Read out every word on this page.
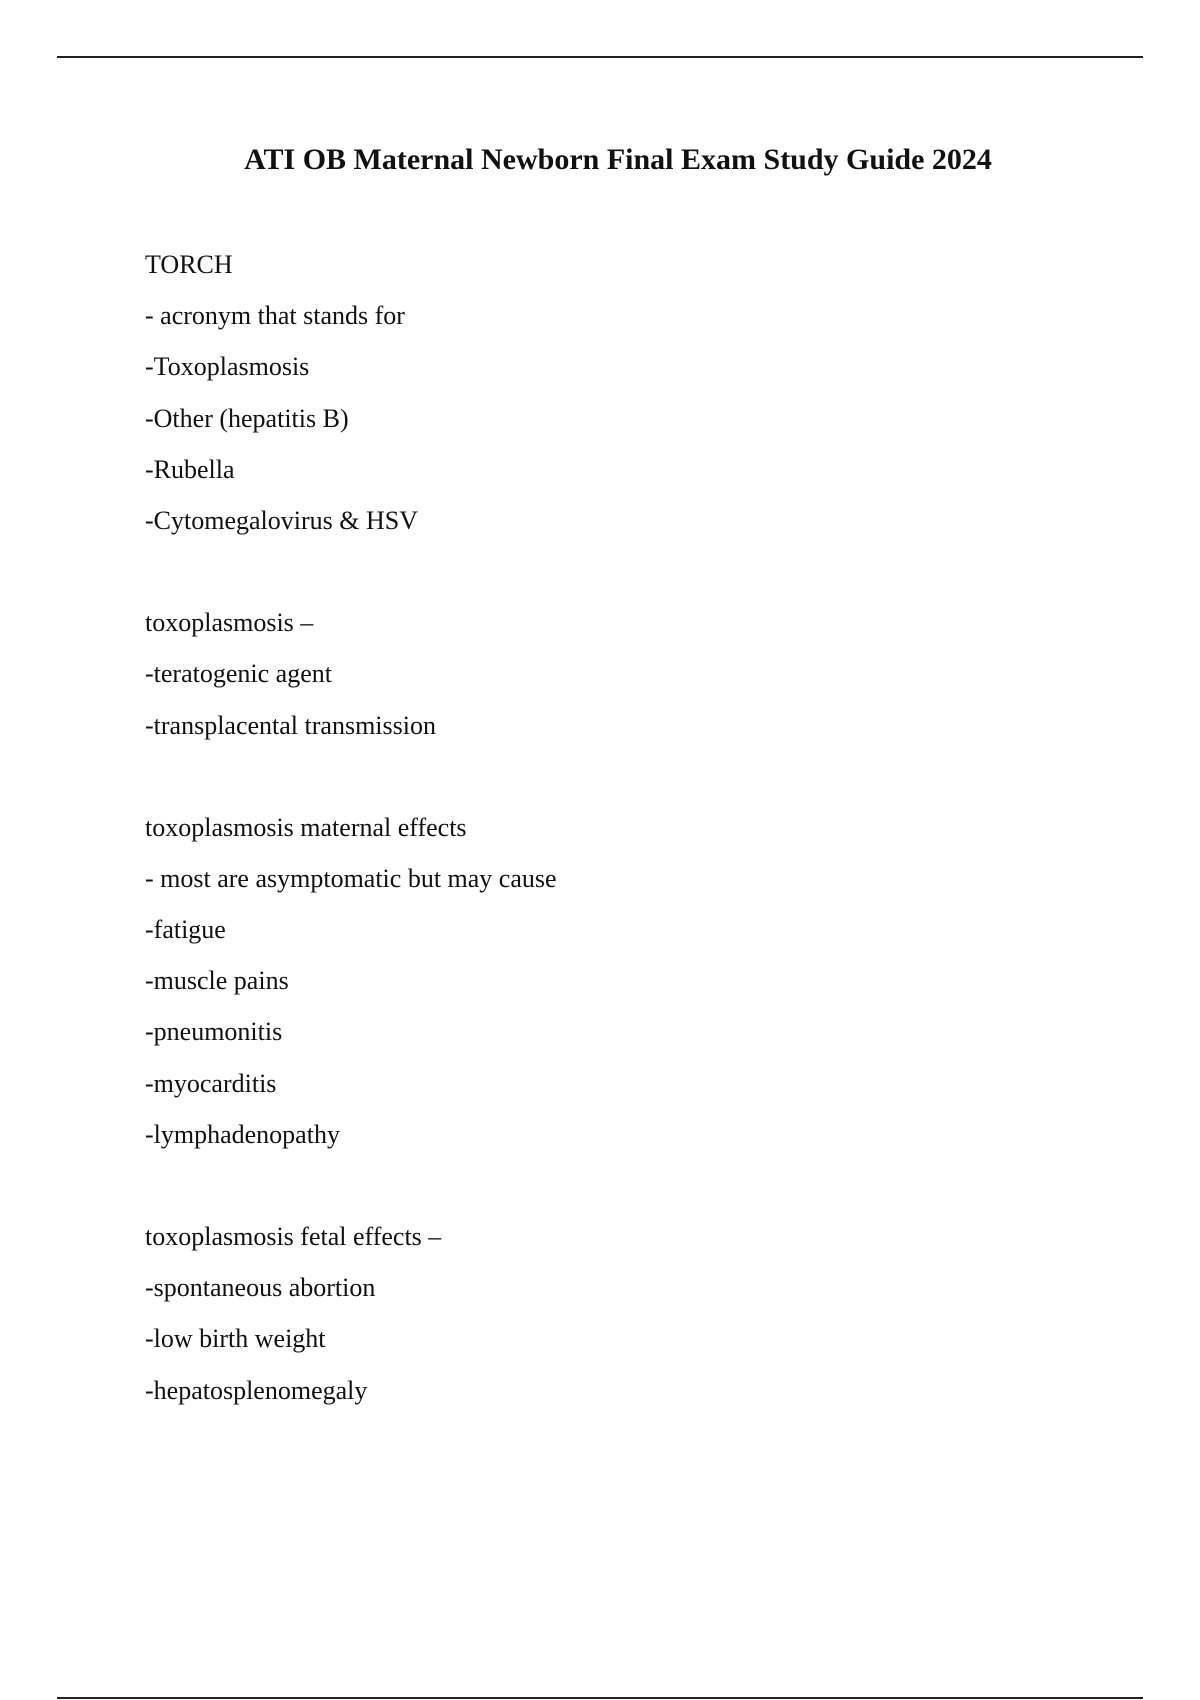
ATI OB Maternal Newborn Final Exam Study Guide 2024
TORCH
- acronym that stands for
-Toxoplasmosis
-Other (hepatitis B)
-Rubella
-Cytomegalovirus & HSV
toxoplasmosis –
-teratogenic agent
-transplacental transmission
toxoplasmosis maternal effects
- most are asymptomatic but may cause
-fatigue
-muscle pains
-pneumonitis
-myocarditis
-lymphadenopathy
toxoplasmosis fetal effects –
-spontaneous abortion
-low birth weight
-hepatosplenomegaly
